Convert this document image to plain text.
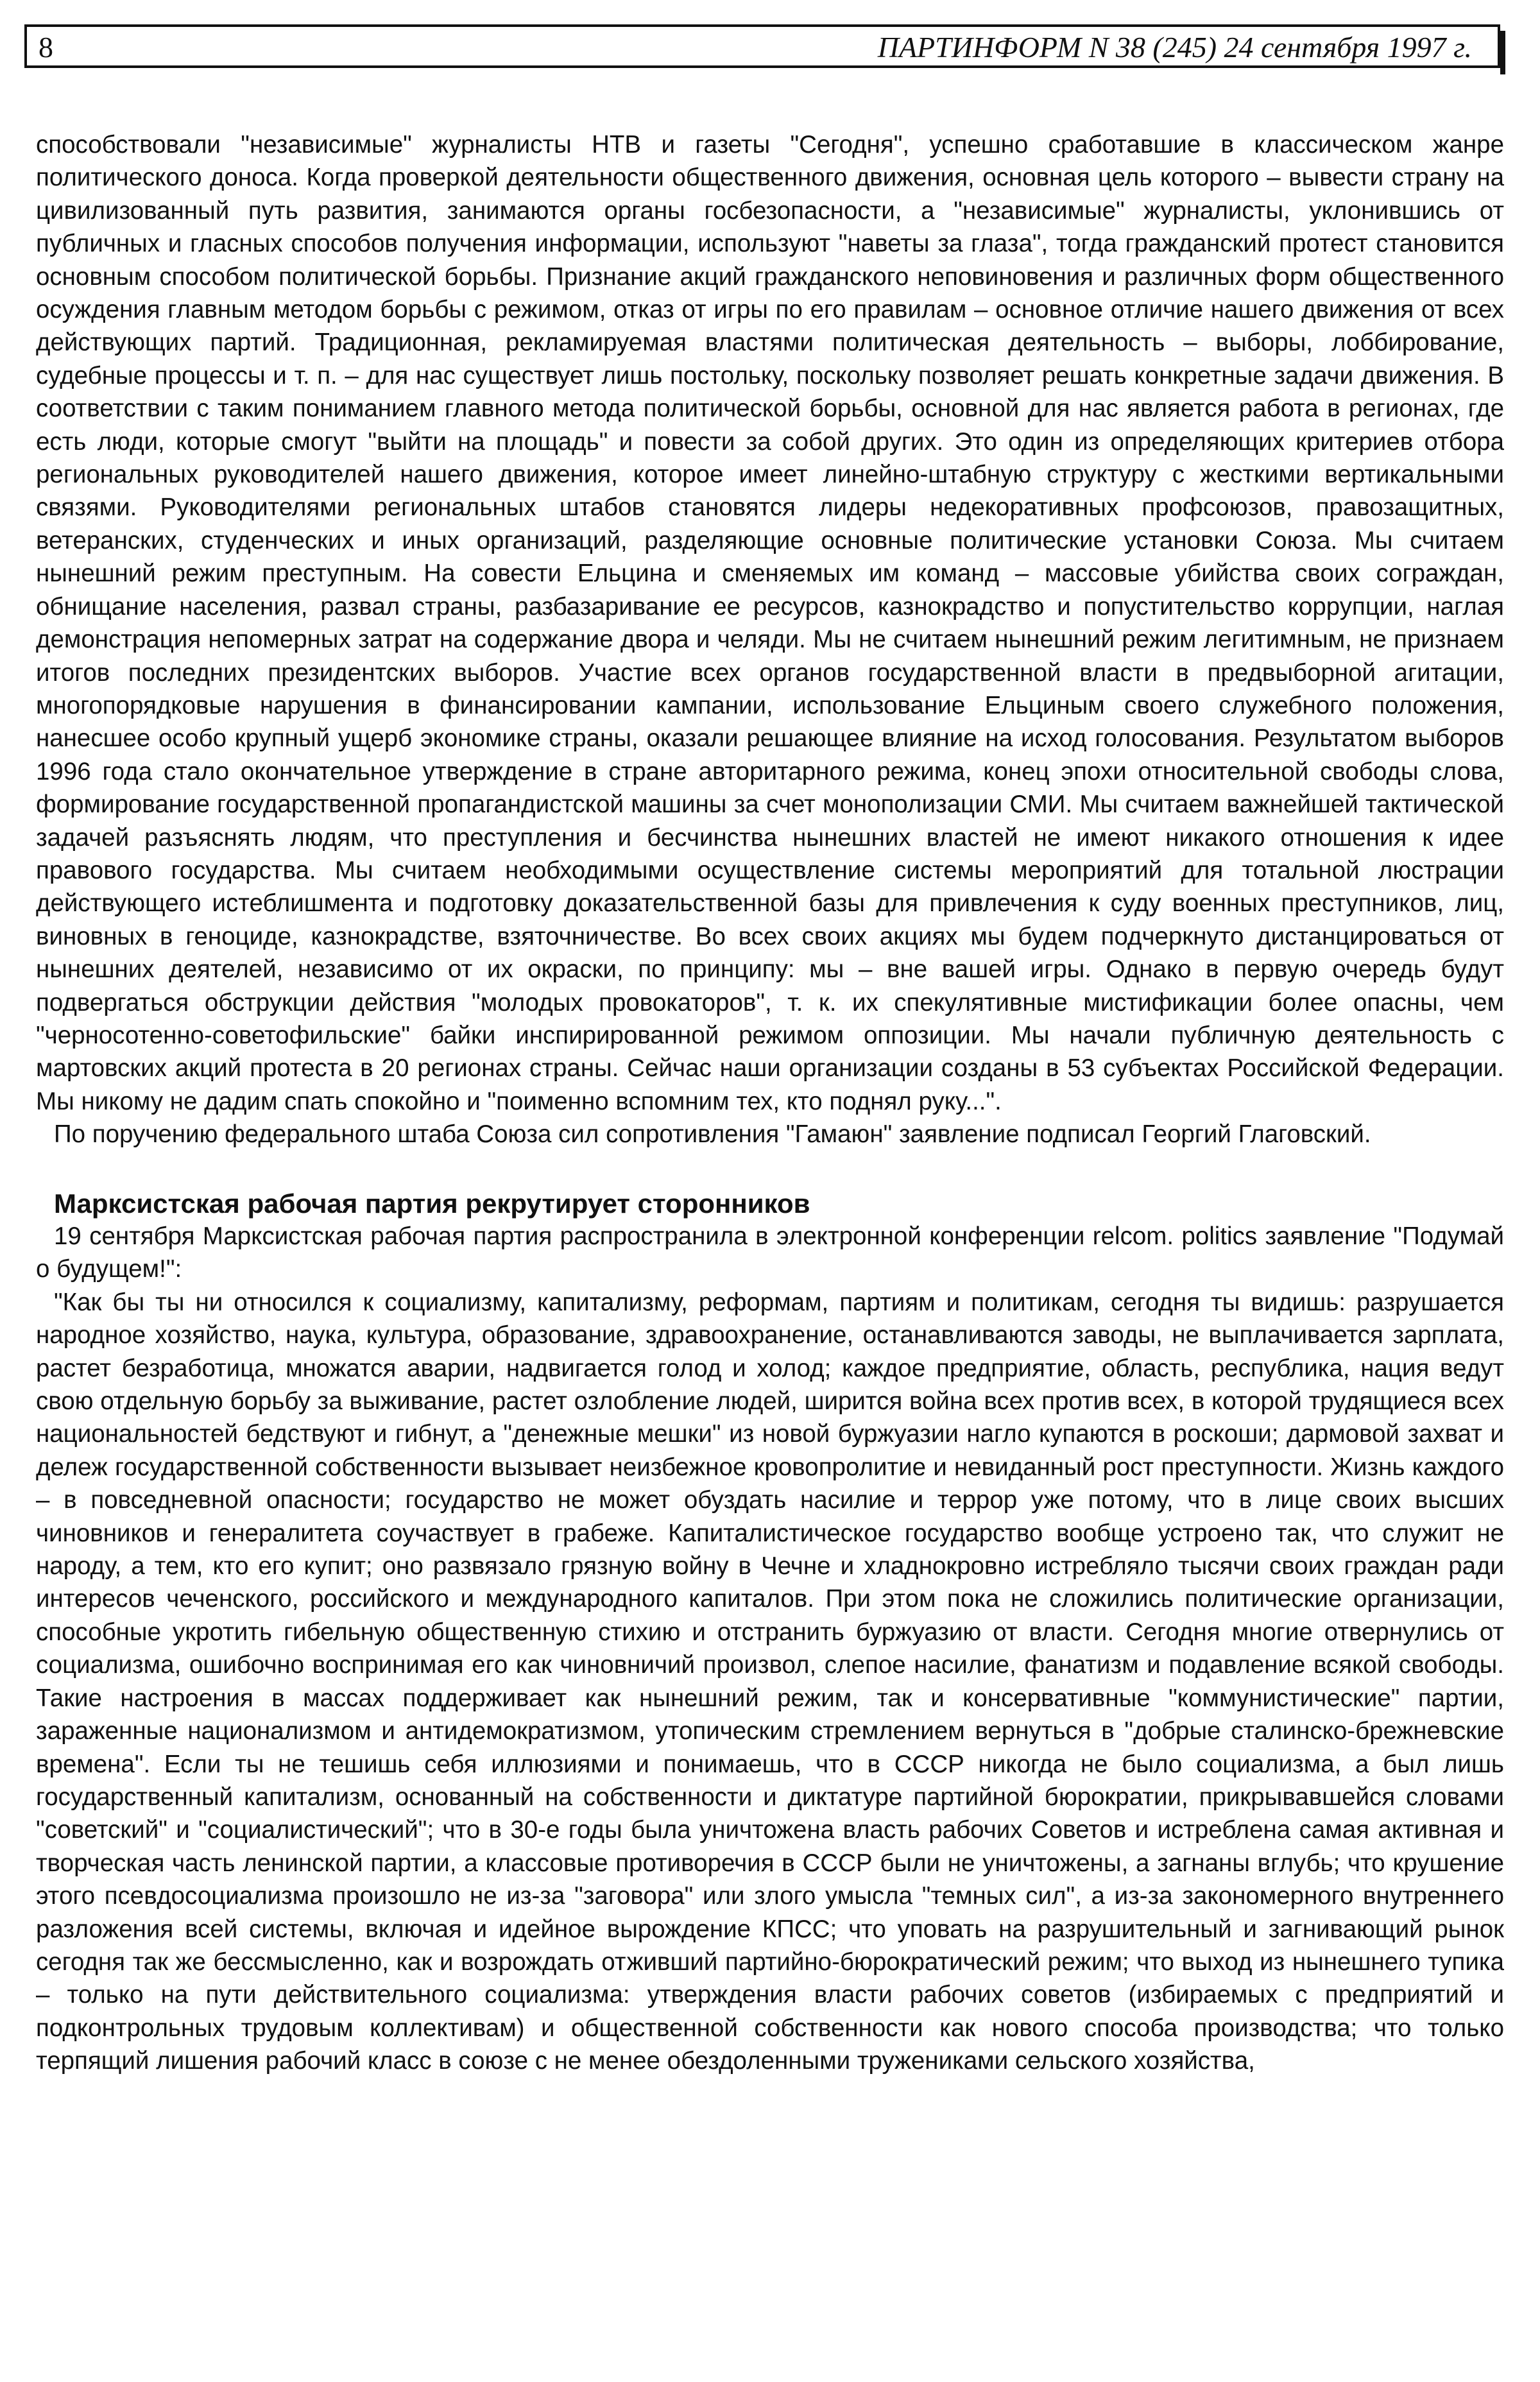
8	ПАРТИНФОРМ N 38 (245) 24 сентября 1997 г.

способствовали "независимые" журналисты НТВ и газеты "Сегодня", успешно сработавшие в классическом жанре политического доноса. Когда проверкой деятельности общественного движения, основная цель которого – вывести страну на цивилизованный путь развития, занимаются органы госбезопасности, а "независимые" журналисты, уклонившись от публичных и гласных способов получения информации, используют "наветы за глаза", тогда гражданский протест становится основным способом политической борьбы. Признание акций гражданского неповиновения и различных форм общественного осуждения главным методом борьбы с режимом, отказ от игры по его правилам – основное отличие нашего движения от всех действующих партий. Традиционная, рекламируемая властями политическая деятельность – выборы, лоббирование, судебные процессы и т. п. – для нас существует лишь постольку, поскольку позволяет решать конкретные задачи движения. В соответствии с таким пониманием главного метода политической борьбы, основной для нас является работа в регионах, где есть люди, которые смогут "выйти на площадь" и повести за собой других. Это один из определяющих критериев отбора региональных руководителей нашего движения, которое имеет линейно-штабную структуру с жесткими вертикальными связями. Руководителями региональных штабов становятся лидеры недекоративных профсоюзов, правозащитных, ветеранских, студенческих и иных организаций, разделяющие основные политические установки Союза. Мы считаем нынешний режим преступным. На совести Ельцина и сменяемых им команд – массовые убийства своих сограждан, обнищание населения, развал страны, разбазаривание ее ресурсов, казнокрадство и попустительство коррупции, наглая демонстрация непомерных затрат на содержание двора и челяди. Мы не считаем нынешний режим легитимным, не признаем итогов последних президентских выборов. Участие всех органов государственной власти в предвыборной агитации, многопорядковые нарушения в финансировании кампании, использование Ельциным своего служебного положения, нанесшее особо крупный ущерб экономике страны, оказали решающее влияние на исход голосования. Результатом выборов 1996 года стало окончательное утверждение в стране авторитарного режима, конец эпохи относительной свободы слова, формирование государственной пропагандистской машины за счет монополизации СМИ. Мы считаем важнейшей тактической задачей разъяснять людям, что преступления и бесчинства нынешних властей не имеют никакого отношения к идее правового государства. Мы считаем необходимыми осуществление системы мероприятий для тотальной люстрации действующего истеблишмента и подготовку доказательственной базы для привлечения к суду военных преступников, лиц, виновных в геноциде, казнокрадстве, взяточничестве. Во всех своих акциях мы будем подчеркнуто дистанцироваться от нынешних деятелей, независимо от их окраски, по принципу: мы – вне вашей игры. Однако в первую очередь будут подвергаться обструкции действия "молодых провокаторов", т. к. их спекулятивные мистификации более опасны, чем "черносотенно-советофильские" байки инспирированной режимом оппозиции. Мы начали публичную деятельность с мартовских акций протеста в 20 регионах страны. Сейчас наши организации созданы в 53 субъектах Российской Федерации. Мы никому не дадим спать спокойно и "поименно вспомним тех, кто поднял руку...".

По поручению федерального штаба Союза сил сопротивления "Гамаюн" заявление подписал Георгий Глаговский.

Марксистская рабочая партия рекрутирует сторонников

19 сентября Марксистская рабочая партия распространила в электронной конференции relcom. politics заявление "Подумай о будущем!":

"Как бы ты ни относился к социализму, капитализму, реформам, партиям и политикам, сегодня ты видишь: разрушается народное хозяйство, наука, культура, образование, здравоохранение, останавливаются заводы, не выплачивается зарплата, растет безработица, множатся аварии, надвигается голод и холод; каждое предприятие, область, республика, нация ведут свою отдельную борьбу за выживание, растет озлобление людей, ширится война всех против всех, в которой трудящиеся всех национальностей бедствуют и гибнут, а "денежные мешки" из новой буржуазии нагло купаются в роскоши; дармовой захват и дележ государственной собственности вызывает неизбежное кровопролитие и невиданный рост преступности. Жизнь каждого – в повседневной опасности; государство не может обуздать насилие и террор уже потому, что в лице своих высших чиновников и генералитета соучаствует в грабеже. Капиталистическое государство вообще устроено так, что служит не народу, а тем, кто его купит; оно развязало грязную войну в Чечне и хладнокровно истребляло тысячи своих граждан ради интересов чеченского, российского и международного капиталов. При этом пока не сложились политические организации, способные укротить гибельную общественную стихию и отстранить буржуазию от власти. Сегодня многие отвернулись от социализма, ошибочно воспринимая его как чиновничий произвол, слепое насилие, фанатизм и подавление всякой свободы. Такие настроения в массах поддерживает как нынешний режим, так и консервативные "коммунистические" партии, зараженные национализмом и антидемократизмом, утопическим стремлением вернуться в "добрые сталинско-брежневские времена". Если ты не тешишь себя иллюзиями и понимаешь, что в СССР никогда не было социализма, а был лишь государственный капитализм, основанный на собственности и диктатуре партийной бюрократии, прикрывавшейся словами "советский" и "социалистический"; что в 30-е годы была уничтожена власть рабочих Советов и истреблена самая активная и творческая часть ленинской партии, а классовые противоречия в СССР были не уничтожены, а загнаны вглубь; что крушение этого псевдосоциализма произошло не из-за "заговора" или злого умысла "темных сил", а из-за закономерного внутреннего разложения всей системы, включая и идейное вырождение КПСС; что уповать на разрушительный и загнивающий рынок сегодня так же бессмысленно, как и возрождать отживший партийно-бюрократический режим; что выход из нынешнего тупика – только на пути действительного социализма: утверждения власти рабочих советов (избираемых с предприятий и подконтрольных трудовым коллективам) и общественной собственности как нового способа производства; что только терпящий лишения рабочий класс в союзе с не менее обездоленными тружениками сельского хозяйства,
